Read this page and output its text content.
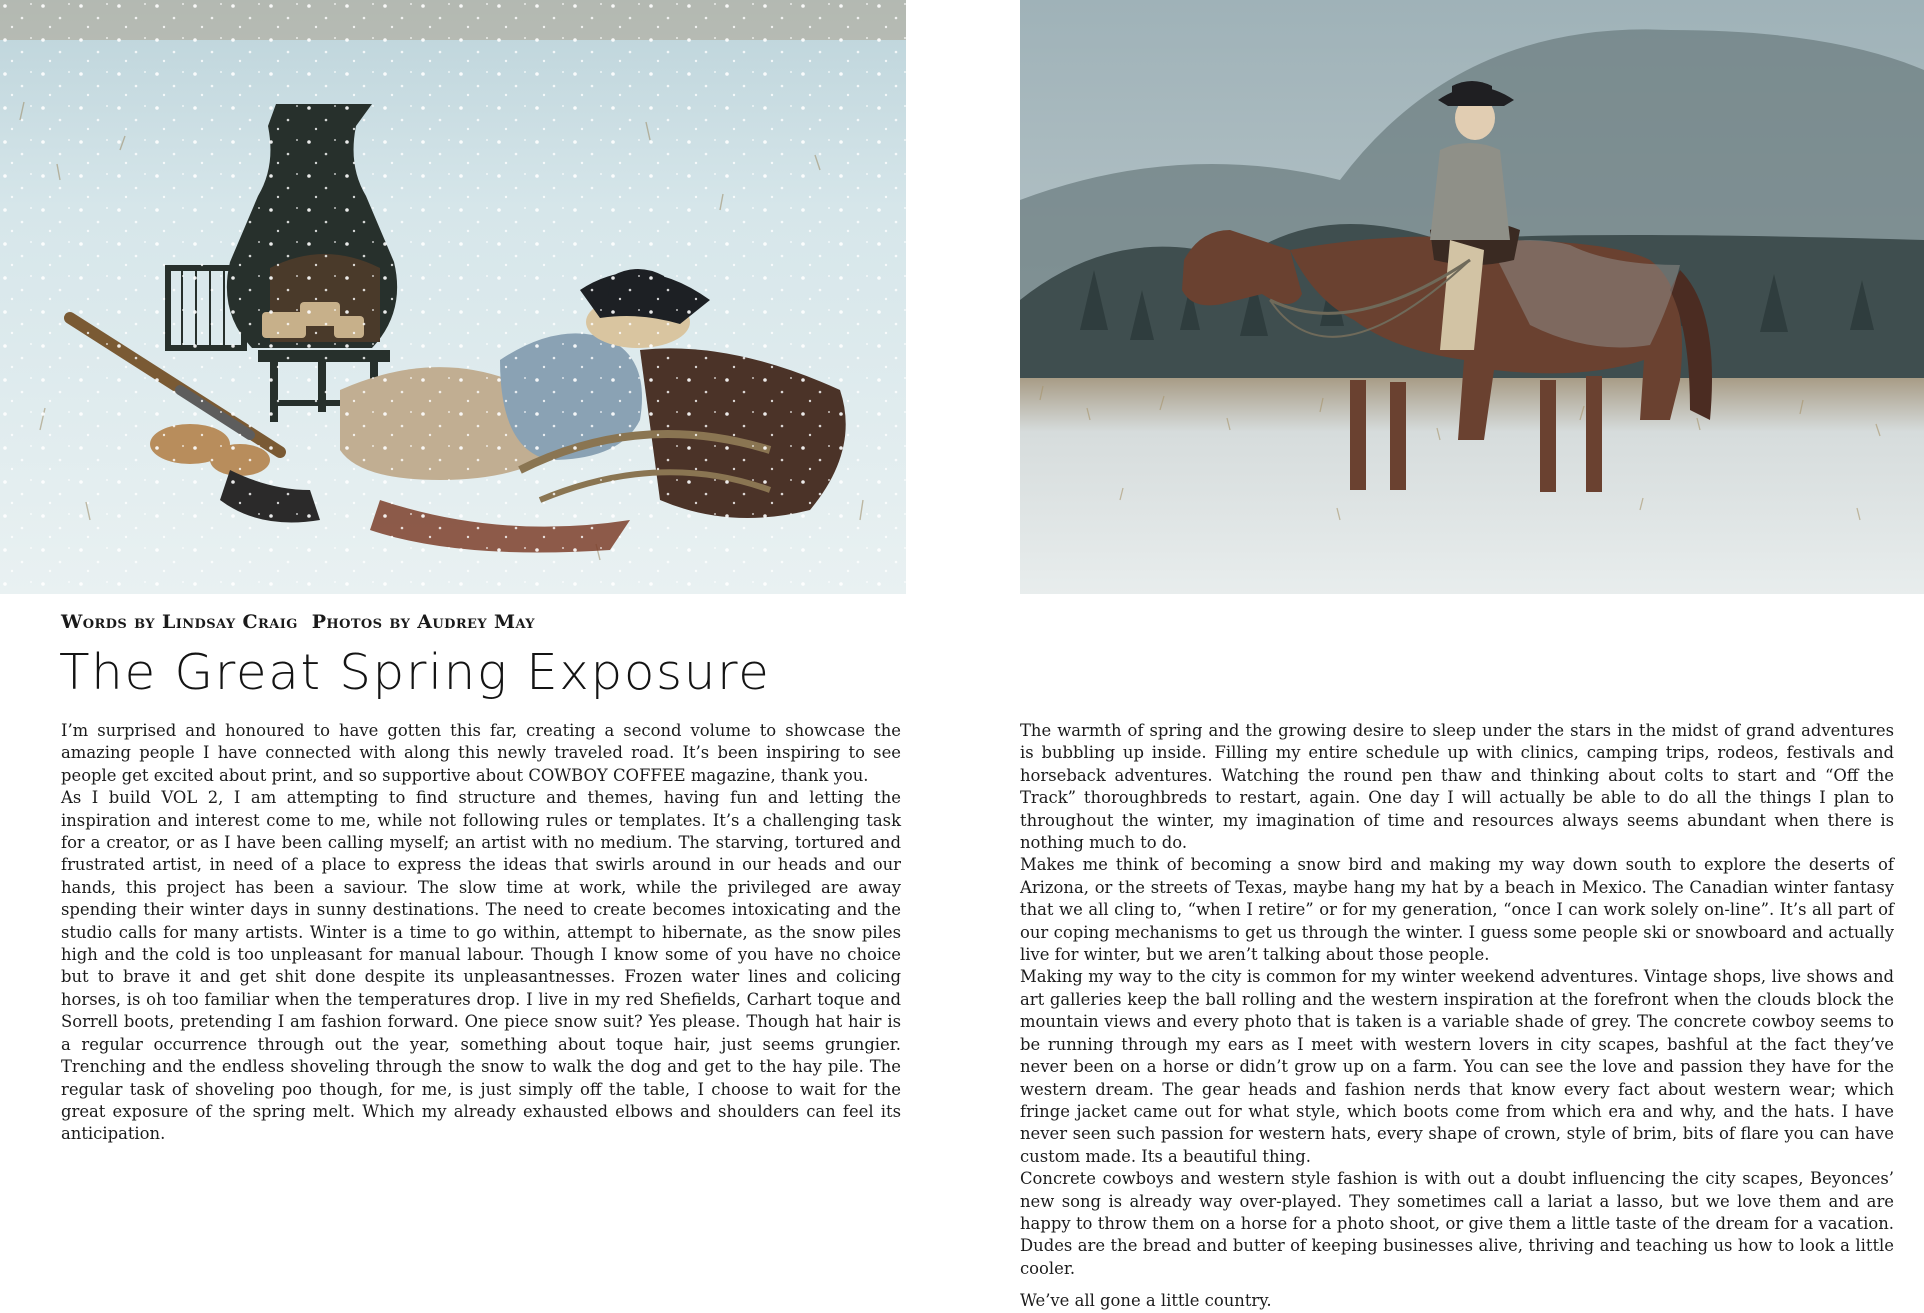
Words by Lindsay Craig Photos by Audrey May
The Great Spring Exposure

I’m surprised and honoured to have gotten this far, creating a second volume to showcase the amazing people I have connected with along this newly traveled road. It’s been inspiring to see people get excited about print, and so supportive about COWBOY COFFEE magazine, thank you.

As I build VOL 2, I am attempting to find structure and themes, having fun and letting the inspiration and interest come to me, while not following rules or templates. It’s a challenging task for a creator, or as I have been calling myself; an artist with no medium. The starving, tortured and frustrated artist, in need of a place to express the ideas that swirls around in our heads and our hands, this project has been a saviour. The slow time at work, while the privileged are away spending their winter days in sunny destinations. The need to create becomes intoxicating and the studio calls for many artists. Winter is a time to go within, attempt to hibernate, as the snow piles high and the cold is too unpleasant for manual labour. Though I know some of you have no choice but to brave it and get shit done despite its unpleasantnesses. Frozen water lines and colicing horses, is oh too familiar when the temperatures drop. I live in my red Shefields, Carhart toque and Sorrell boots, pretending I am fashion forward. One piece snow suit? Yes please. Though hat hair is a regular occurrence through out the year, something about toque hair, just seems grungier. Trenching and the endless shoveling through the snow to walk the dog and get to the hay pile. The regular task of shoveling poo though, for me, is just simply off the table, I choose to wait for the great exposure of the spring melt. Which my already exhausted elbows and shoulders can feel its anticipation.

The warmth of spring and the growing desire to sleep under the stars in the midst of grand adventures is bubbling up inside. Filling my entire schedule up with clinics, camping trips, rodeos, festivals and horseback adventures. Watching the round pen thaw and thinking about colts to start and “Off the Track” thoroughbreds to restart, again. One day I will actually be able to do all the things I plan to throughout the winter, my imagination of time and resources always seems abundant when there is nothing much to do.

Makes me think of becoming a snow bird and making my way down south to explore the deserts of Arizona, or the streets of Texas, maybe hang my hat by a beach in Mexico. The Canadian winter fantasy that we all cling to, “when I retire” or for my generation, “once I can work solely on-line”. It’s all part of our coping mechanisms to get us through the winter. I guess some people ski or snowboard and actually live for winter, but we aren’t talking about those people.

Making my way to the city is common for my winter weekend adventures. Vintage shops, live shows and art galleries keep the ball rolling and the western inspiration at the forefront when the clouds block the mountain views and every photo that is taken is a variable shade of grey. The concrete cowboy seems to be running through my ears as I meet with western lovers in city scapes, bashful at the fact they’ve never been on a horse or didn’t grow up on a farm. You can see the love and passion they have for the western dream. The gear heads and fashion nerds that know every fact about western wear; which fringe jacket came out for what style, which boots come from which era and why, and the hats. I have never seen such passion for western hats, every shape of crown, style of brim, bits of flare you can have custom made. Its a beautiful thing.

Concrete cowboys and western style fashion is with out a doubt influencing the city scapes, Beyonces’ new song is already way over-played. They sometimes call a lariat a lasso, but we love them and are happy to throw them on a horse for a photo shoot, or give them a little taste of the dream for a vacation. Dudes are the bread and butter of keeping businesses alive, thriving and teaching us how to look a little cooler.

We’ve all gone a little country.
